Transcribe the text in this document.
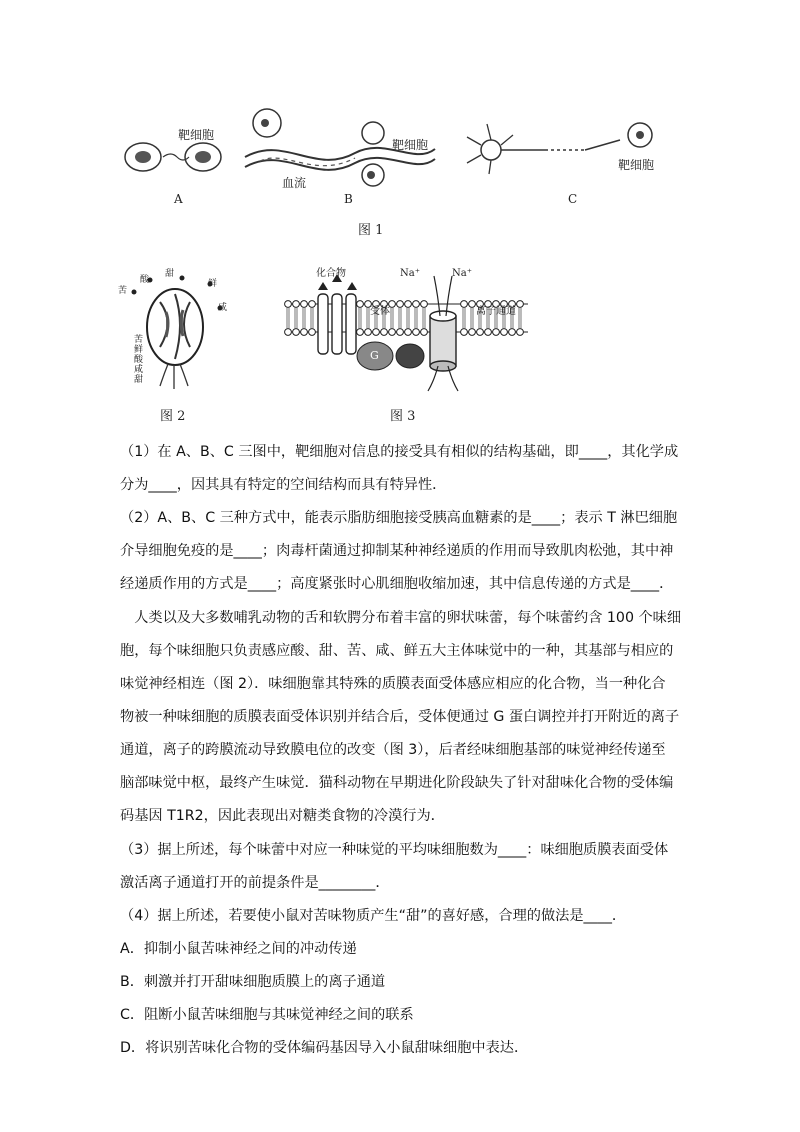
靶细胞
靶细胞
靶细胞
血流
A	B	C
图 1
苦
酸
甜
鲜
咸
苦
鲜
酸
咸
甜
图 2
化合物
受体	离子通道
Na⁺	Na⁺
G
图 3
（1）在 A、B、C 三图中，靶细胞对信息的接受具有相似的结构基础，即____，其化学成
分为____，因其具有特定的空间结构而具有特异性．
（2）A、B、C 三种方式中，能表示脂肪细胞接受胰高血糖素的是____；表示 T 淋巴细胞
介导细胞免疫的是____；肉毒杆菌通过抑制某种神经递质的作用而导致肌肉松弛，其中神
经递质作用的方式是____；高度紧张时心肌细胞收缩加速，其中信息传递的方式是____．
　人类以及大多数哺乳动物的舌和软腭分布着丰富的卵状味蕾，每个味蕾约含 100 个味细
胞，每个味细胞只负责感应酸、甜、苦、咸、鲜五大主体味觉中的一种，其基部与相应的
味觉神经相连（图 2）．味细胞靠其特殊的质膜表面受体感应相应的化合物，当一种化合
物被一种味细胞的质膜表面受体识别并结合后，受体便通过 G 蛋白调控并打开附近的离子
通道，离子的跨膜流动导致膜电位的改变（图 3），后者经味细胞基部的味觉神经传递至
脑部味觉中枢，最终产生味觉．猫科动物在早期进化阶段缺失了针对甜味化合物的受体编
码基因 T1R2，因此表现出对糖类食物的冷漠行为．
（3）据上所述，每个味蕾中对应一种味觉的平均味细胞数为____：味细胞质膜表面受体
激活离子通道打开的前提条件是________．
（4）据上所述，若要使小鼠对苦味物质产生“甜”的喜好感，合理的做法是____．
A．抑制小鼠苦味神经之间的冲动传递
B．刺激并打开甜味细胞质膜上的离子通道
C．阻断小鼠苦味细胞与其味觉神经之间的联系
D．将识别苦味化合物的受体编码基因导入小鼠甜味细胞中表达．
